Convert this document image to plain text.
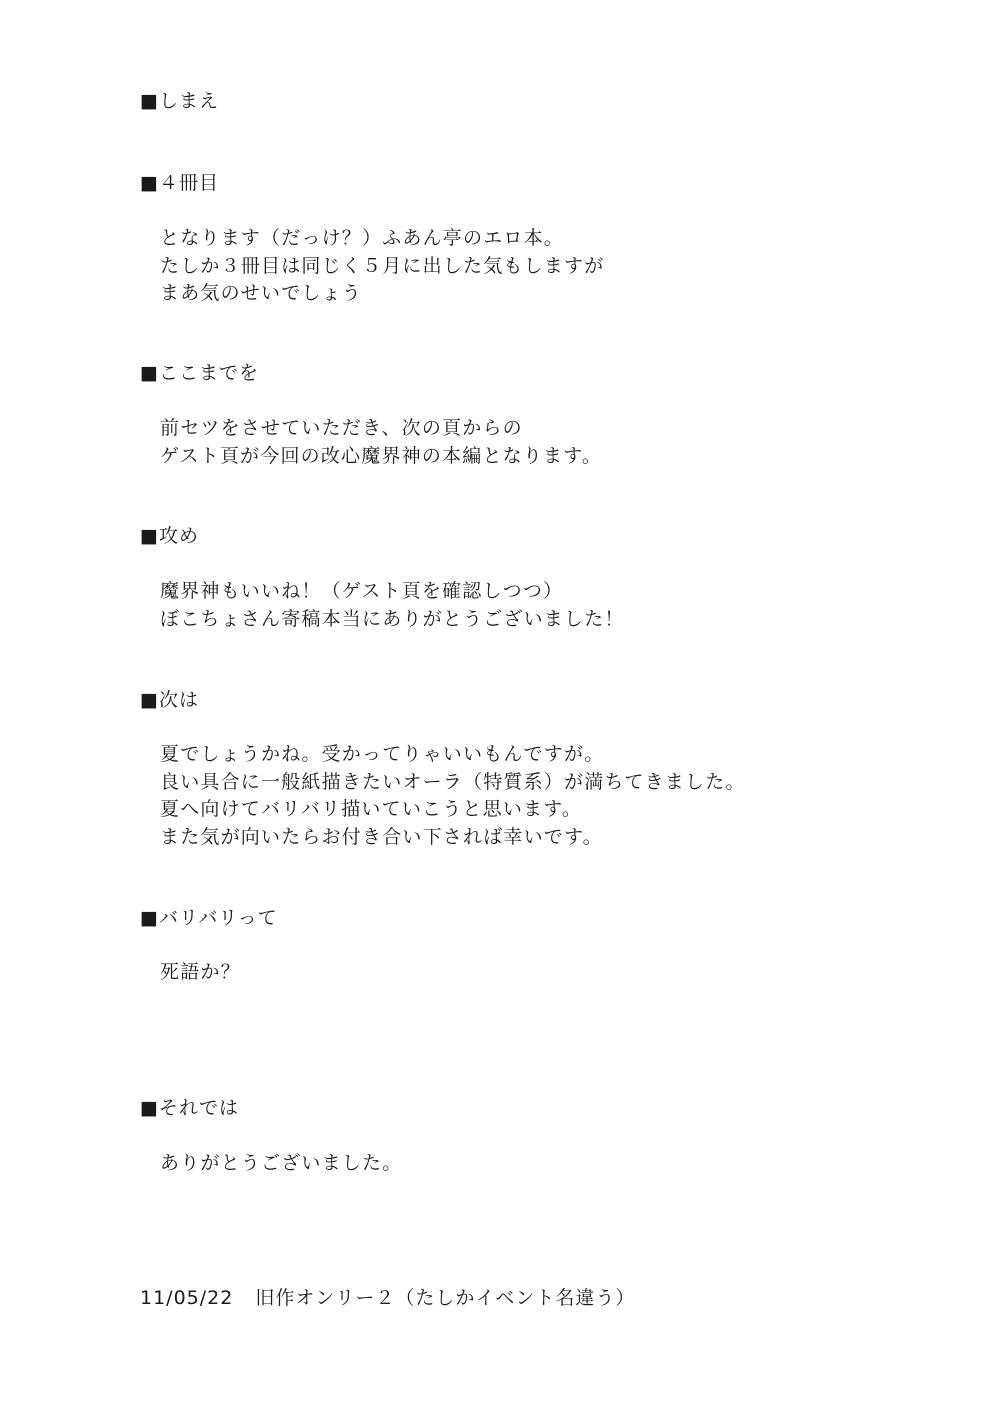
■しまえ
■４冊目
となります（だっけ？）ふあん亭のエロ本。
たしか３冊目は同じく５月に出した気もしますが
まあ気のせいでしょう
■ここまでを
前セツをさせていただき、次の頁からの
ゲスト頁が今回の改心魔界神の本編となります。
■攻め
魔界神もいいね！（ゲスト頁を確認しつつ）
ぼこちょさん寄稿本当にありがとうございました！
■次は
夏でしょうかね。受かってりゃいいもんですが。
良い具合に一般紙描きたいオーラ（特質系）が満ちてきました。
夏へ向けてバリバリ描いていこうと思います。
また気が向いたらお付き合い下されば幸いです。
■バリバリって
死語か？
■それでは
ありがとうございました。
11/05/22 旧作オンリー２（たしかイベント名違う）
